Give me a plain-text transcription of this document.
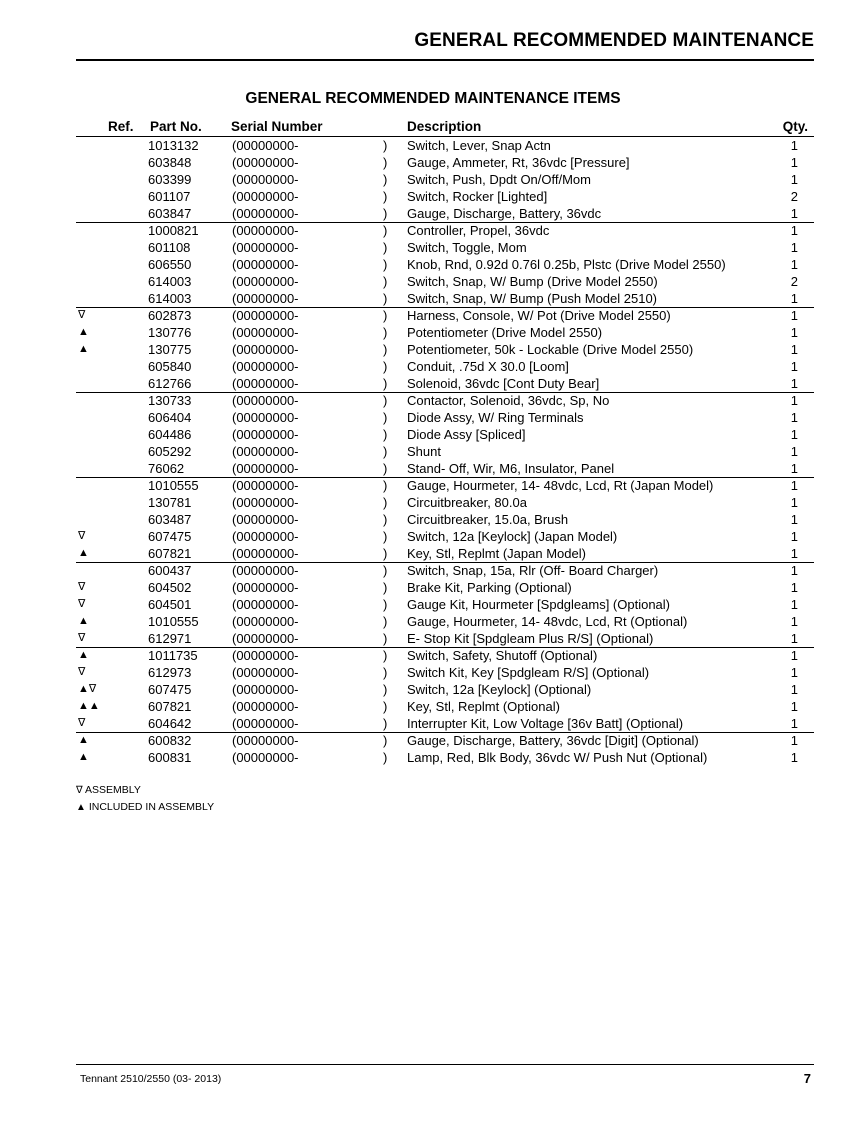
GENERAL RECOMMENDED MAINTENANCE
GENERAL RECOMMENDED MAINTENANCE ITEMS
Ref. Part No. Serial Number	Description	Qty.
1013132	(00000000-	) Switch, Lever, Snap Actn	1
603848	(00000000-	) Gauge, Ammeter, Rt, 36vdc [Pressure]	1
603399	(00000000-	) Switch, Push, Dpdt On/Off/Mom	1
601107	(00000000-	) Switch, Rocker [Lighted]	2
603847	(00000000-	) Gauge, Discharge, Battery, 36vdc	1
1000821	(00000000-	) Controller, Propel, 36vdc	1
601108	(00000000-	) Switch, Toggle, Mom	1
606550	(00000000-	) Knob, Rnd, 0.92d 0.76l 0.25b, Plstc (Drive Model 2550)	1
614003	(00000000-	) Switch, Snap, W/ Bump (Drive Model 2550)	2
614003	(00000000-	) Switch, Snap, W/ Bump (Push Model 2510)	1
∇	602873	(00000000-	) Harness, Console, W/ Pot (Drive Model 2550)	1
▲	130776	(00000000-	) Potentiometer (Drive Model 2550)	1
▲	130775	(00000000-	) Potentiometer, 50k - Lockable (Drive Model 2550)	1
605840	(00000000-	) Conduit, .75d X 30.0 [Loom]	1
612766	(00000000-	) Solenoid, 36vdc [Cont Duty Bear]	1
130733	(00000000-	) Contactor, Solenoid, 36vdc, Sp, No	1
606404	(00000000-	) Diode Assy, W/ Ring Terminals	1
604486	(00000000-	) Diode Assy [Spliced]	1
605292	(00000000-	) Shunt	1
76062	(00000000-	) Stand- Off, Wir, M6, Insulator, Panel	1
1010555	(00000000-	) Gauge, Hourmeter, 14- 48vdc, Lcd, Rt (Japan Model)	1
130781	(00000000-	) Circuitbreaker, 80.0a	1
603487	(00000000-	) Circuitbreaker, 15.0a, Brush	1
∇	607475	(00000000-	) Switch, 12a [Keylock] (Japan Model)	1
▲	607821	(00000000-	) Key, Stl, Replmt (Japan Model)	1
600437	(00000000-	) Switch, Snap, 15a, Rlr (Off- Board Charger)	1
∇	604502	(00000000-	) Brake Kit, Parking (Optional)	1
∇	604501	(00000000-	) Gauge Kit, Hourmeter [Spdgleams] (Optional)	1
▲	1010555	(00000000-	) Gauge, Hourmeter, 14- 48vdc, Lcd, Rt (Optional)	1
∇	612971	(00000000-	) E- Stop Kit [Spdgleam Plus R/S] (Optional)	1
▲	1011735	(00000000-	) Switch, Safety, Shutoff (Optional)	1
∇	612973	(00000000-	) Switch Kit, Key [Spdgleam R/S] (Optional)	1
▲∇	607475	(00000000-	) Switch, 12a [Keylock] (Optional)	1
▲▲	607821	(00000000-	) Key, Stl, Replmt (Optional)	1
∇	604642	(00000000-	) Interrupter Kit, Low Voltage [36v Batt] (Optional)	1
▲	600832	(00000000-	) Gauge, Discharge, Battery, 36vdc [Digit] (Optional)	1
▲	600831	(00000000-	) Lamp, Red, Blk Body, 36vdc W/ Push Nut (Optional)	1
∇ ASSEMBLY
▲ INCLUDED IN ASSEMBLY
Tennant 2510/2550 (03- 2013)	7
